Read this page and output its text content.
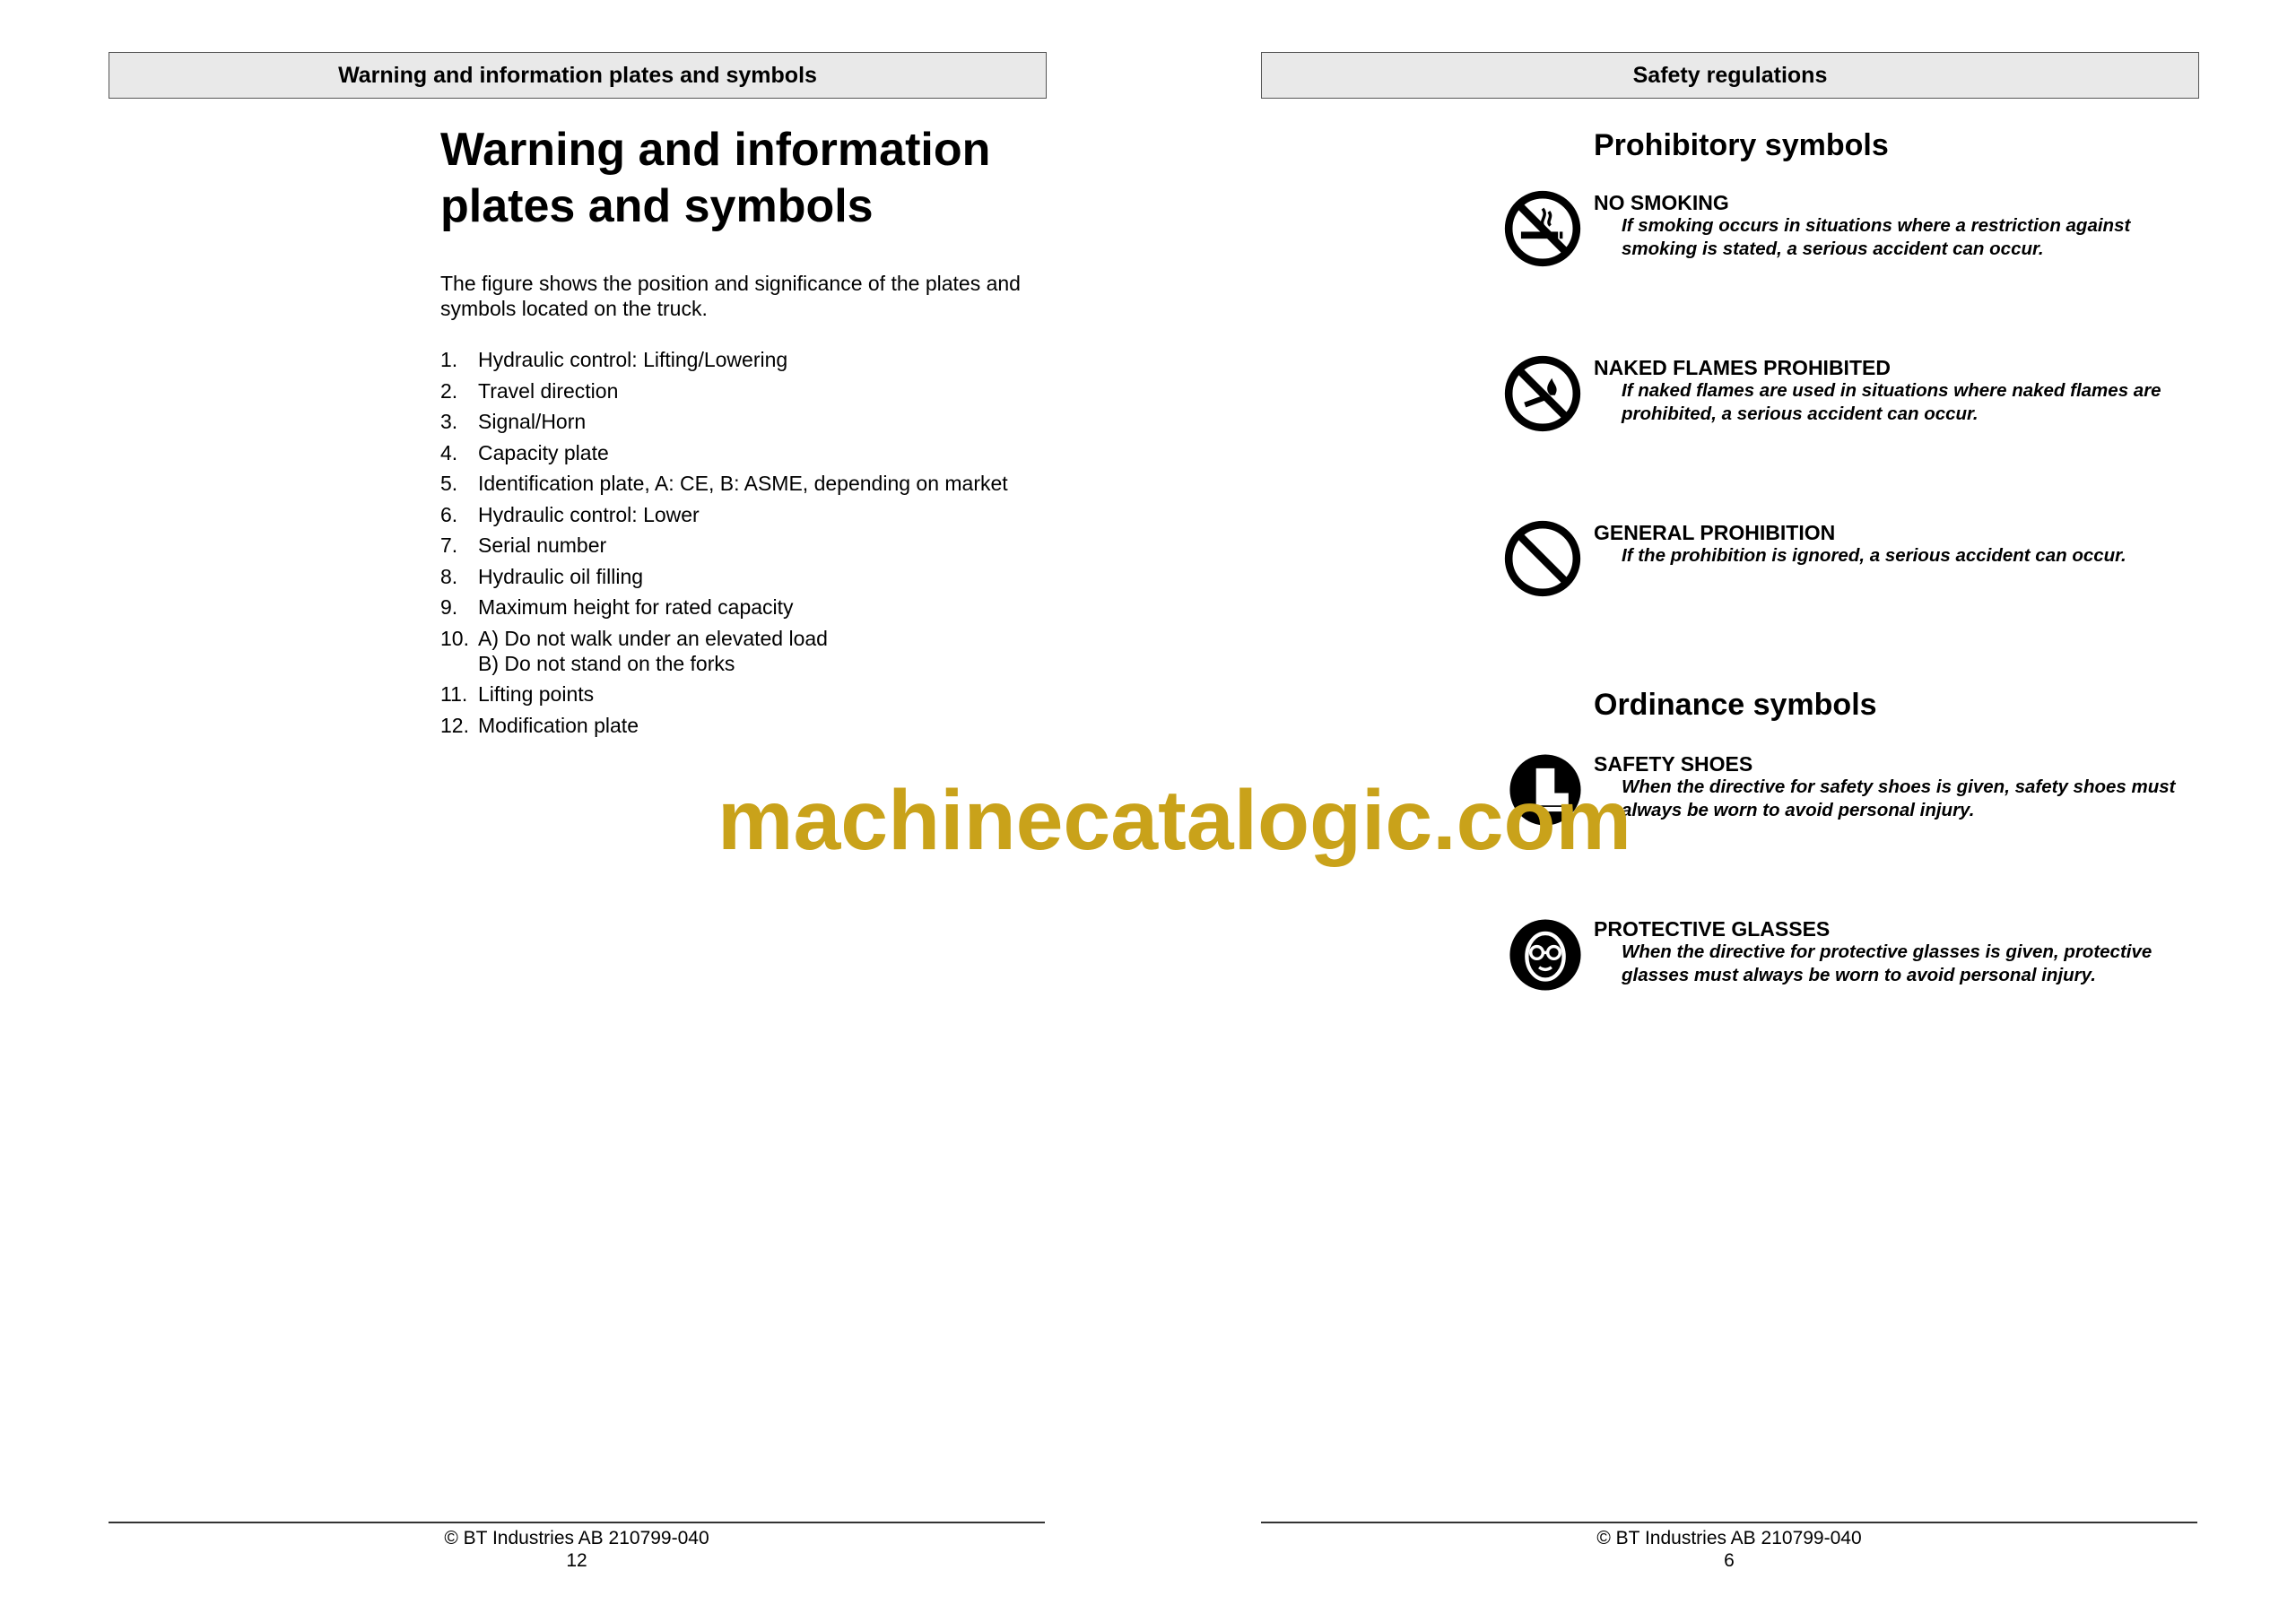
Warning and information plates and symbols
Warning and information plates and symbols

The figure shows the position and significance of the plates and symbols located on the truck.

1. Hydraulic control: Lifting/Lowering
2. Travel direction
3. Signal/Horn
4. Capacity plate
5. Identification plate, A: CE, B: ASME, depending on market
6. Hydraulic control: Lower
7. Serial number
8. Hydraulic oil filling
9. Maximum height for rated capacity
10. A) Do not walk under an elevated load
B) Do not stand on the forks
11. Lifting points
12. Modification plate
© BT Industries AB 210799-040
12
Safety regulations
Prohibitory symbols
NO SMOKING
If smoking occurs in situations where a restriction against smoking is stated, a serious accident can occur.
NAKED FLAMES PROHIBITED
If naked flames are used in situations where naked flames are prohibited, a serious accident can occur.
GENERAL PROHIBITION
If the prohibition is ignored, a serious accident can occur.
Ordinance symbols
SAFETY SHOES
When the directive for safety shoes is given, safety shoes must always be worn to avoid personal injury.
PROTECTIVE GLASSES
When the directive for protective glasses is given, protective glasses must always be worn to avoid personal injury.
© BT Industries AB 210799-040
6
machinecatalogic.com
